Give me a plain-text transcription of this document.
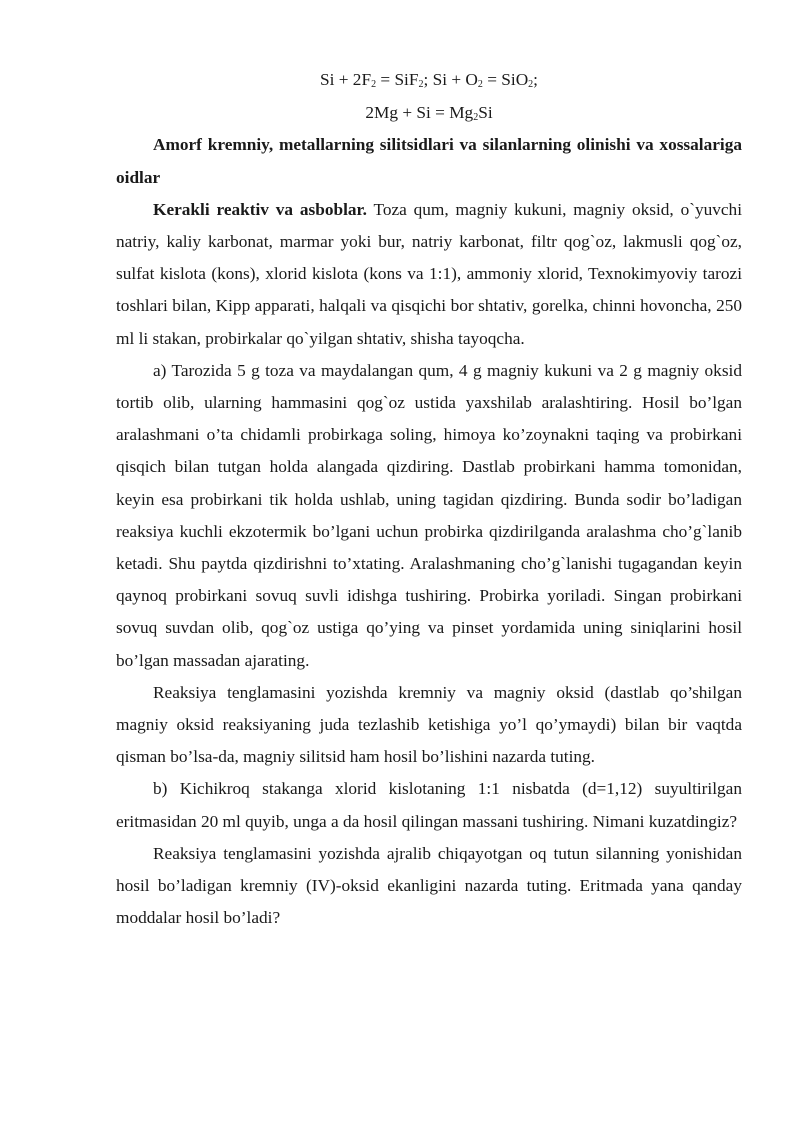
$Si + 2F_2 = SiF_2$; $Si + O_2 = SiO_2$;

$2Mg + Si = Mg_2Si$

Amorf kremniy, metallarning silitsidlari va silanlarning olinishi va xossalariga oidlar

Kerakli reaktiv va asboblar. Toza qum, magniy kukuni, magniy oksid, o`yuvchi natriy, kaliy karbonat, marmar yoki bur, natriy karbonat, filtr qog`oz, lakmusli qog`oz, sulfat kislota (kons), xlorid kislota (kons va 1:1), ammoniy xlorid, Texnokimyoviy tarozi toshlari bilan, Kipp apparati, halqali va qisqichi bor shtativ, gorelka, chinni hovoncha, 250 ml li stakan, probirkalar qo`yilgan shtativ, shisha tayoqcha.

a) Tarozida 5 g toza va maydalangan qum, 4 g magniy kukuni va 2 g magniy oksid tortib olib, ularning hammasini qog`oz ustida yaxshilab aralashtiring. Hosil bo’lgan aralashmani o’ta chidamli probirkaga soling, himoya ko’zoynakni taqing va probirkani qisqich bilan tutgan holda alangada qizdiring. Dastlab probirkani hamma tomonidan, keyin esa probirkani tik holda ushlab, uning tagidan qizdiring. Bunda sodir bo’ladigan reaksiya kuchli ekzotermik bo’lgani uchun probirka qizdirilganda aralashma cho’g`lanib ketadi. Shu paytda qizdirishni to’xtating. Aralashmaning cho’g`lanishi tugagandan keyin qaynoq probirkani sovuq suvli idishga tushiring. Probirka yoriladi. Singan probirkani sovuq suvdan olib, qog`oz ustiga qo’ying va pinset yordamida uning siniqlarini hosil bo’lgan massadan ajarating.

Reaksiya tenglamasini yozishda kremniy va magniy oksid (dastlab qo’shilgan magniy oksid reaksiyaning juda tezlashib ketishiga yo’l qo’ymaydi) bilan bir vaqtda qisman bo’lsa-da, magniy silitsid ham hosil bo’lishini nazarda tuting.

b) Kichikroq stakanga xlorid kislotaning 1:1 nisbatda (d=1,12) suyultirilgan eritmasidan 20 ml quyib, unga a da hosil qilingan massani tushiring. Nimani kuzatdingiz?

Reaksiya tenglamasini yozishda ajralib chiqayotgan oq tutun silanning yonishidan hosil bo’ladigan kremniy (IV)-oksid ekanligini nazarda tuting. Eritmada yana qanday moddalar hosil bo’ladi?
